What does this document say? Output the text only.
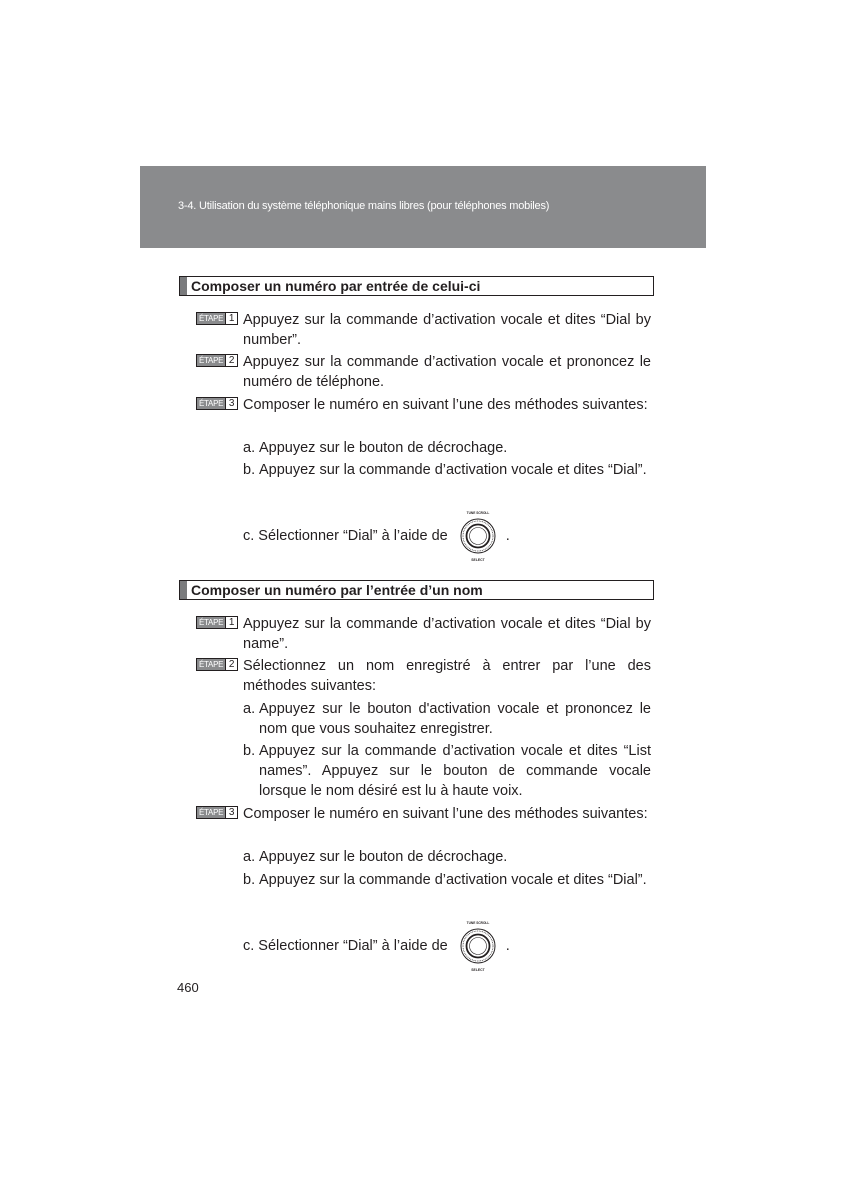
3-4. Utilisation du système téléphonique mains libres (pour téléphones mobiles)
Composer un numéro par entrée de celui-ci
ÉTAPE 1 Appuyez sur la commande d’activation vocale et dites “Dial by number”.
ÉTAPE 2 Appuyez sur la commande d’activation vocale et prononcez le numéro de téléphone.
ÉTAPE 3 Composer le numéro en suivant l’une des méthodes suivantes:
a. Appuyez sur le bouton de décrochage.
b. Appuyez sur la commande d’activation vocale et dites “Dial”.
c. Sélectionner “Dial” à l’aide de
TUNE SCROLL
SELECT
.
Composer un numéro par l’entrée d’un nom
ÉTAPE 1 Appuyez sur la commande d’activation vocale et dites “Dial by name”.
ÉTAPE 2 Sélectionnez un nom enregistré à entrer par l’une des méthodes suivantes:
a. Appuyez sur le bouton d'activation vocale et prononcez le nom que vous souhaitez enregistrer.
b. Appuyez sur la commande d’activation vocale et dites “List names”. Appuyez sur le bouton de commande vocale lorsque le nom désiré est lu à haute voix.
ÉTAPE 3 Composer le numéro en suivant l’une des méthodes suivantes:
a. Appuyez sur le bouton de décrochage.
b. Appuyez sur la commande d’activation vocale et dites “Dial”.
c. Sélectionner “Dial” à l’aide de
TUNE SCROLL
SELECT
.
460
